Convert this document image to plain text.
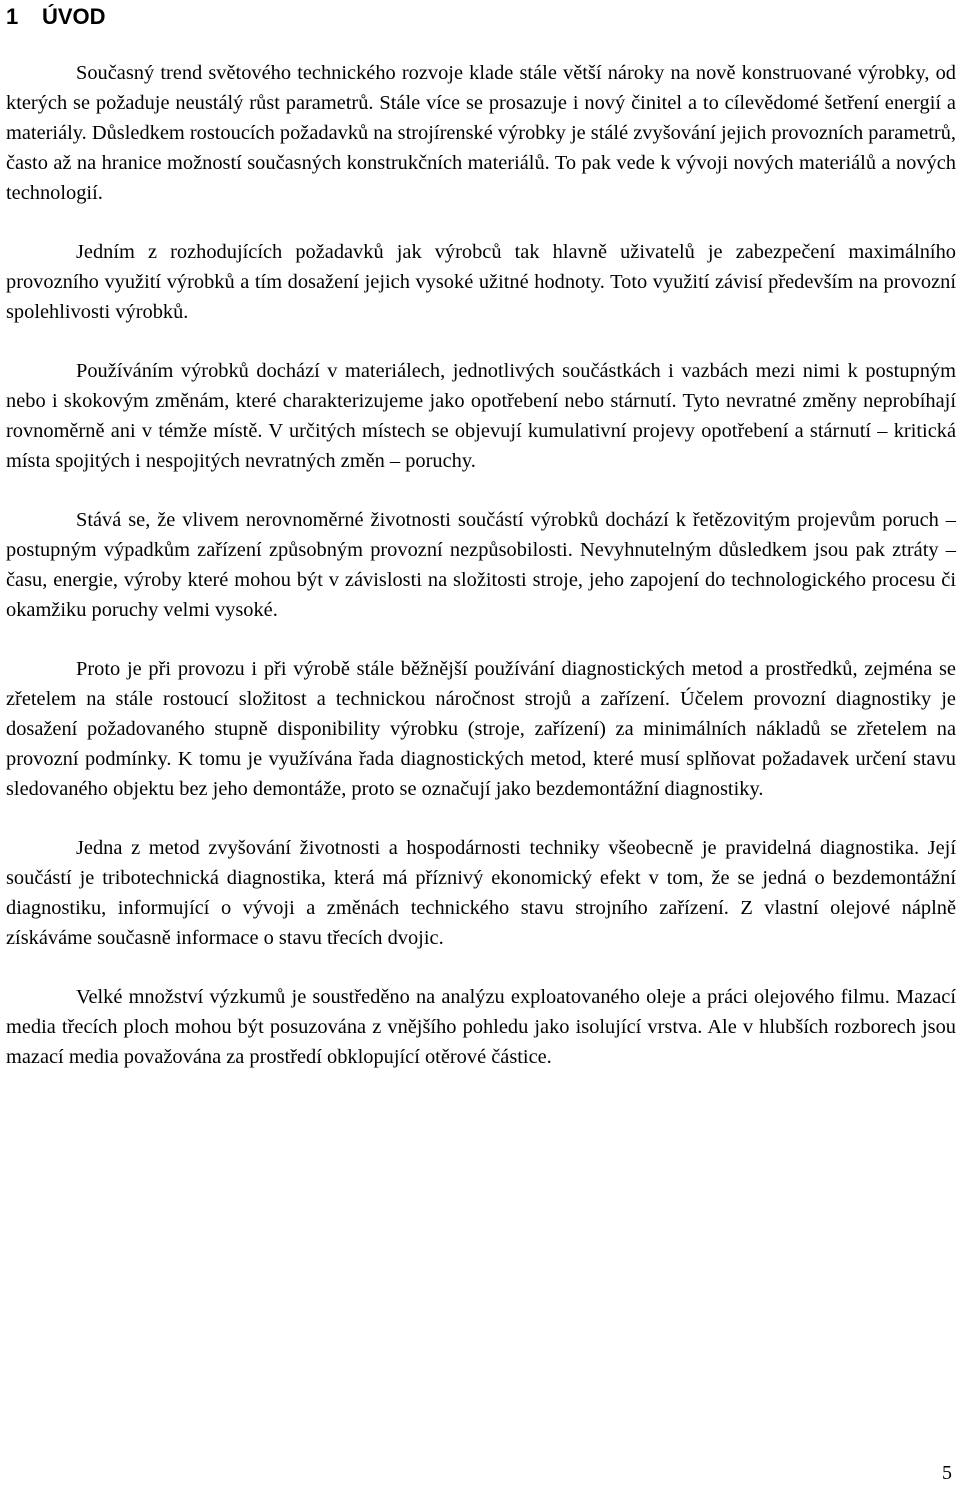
1 ÚVOD

Současný trend světového technického rozvoje klade stále větší nároky na nově konstruované výrobky, od kterých se požaduje neustálý růst parametrů. Stále více se prosazuje i nový činitel a to cílevědomé šetření energií a materiály. Důsledkem rostoucích požadavků na strojírenské výrobky je stálé zvyšování jejich provozních parametrů, často až na hranice možností současných konstrukčních materiálů. To pak vede k vývoji nových materiálů a nových technologií.

Jedním z rozhodujících požadavků jak výrobců tak hlavně uživatelů je zabezpečení maximálního provozního využití výrobků a tím dosažení jejich vysoké užitné hodnoty. Toto využití závisí především na provozní spolehlivosti výrobků.

Používáním výrobků dochází v materiálech, jednotlivých součástkách i vazbách mezi nimi k postupným nebo i skokovým změnám, které charakterizujeme jako opotřebení nebo stárnutí. Tyto nevratné změny neprobíhají rovnoměrně ani v témže místě. V určitých místech se objevují kumulativní projevy opotřebení a stárnutí – kritická místa spojitých i nespojitých nevratných změn – poruchy.

Stává se, že vlivem nerovnoměrné životnosti součástí výrobků dochází k řetězovitým projevům poruch – postupným výpadkům zařízení způsobným provozní nezpůsobilosti. Nevyhnutelným důsledkem jsou pak ztráty – času, energie, výroby které mohou být v závislosti na složitosti stroje, jeho zapojení do technologického procesu či okamžiku poruchy velmi vysoké.

Proto je při provozu i při výrobě stále běžnější používání diagnostických metod a prostředků, zejména se zřetelem na stále rostoucí složitost a technickou náročnost strojů a zařízení. Účelem provozní diagnostiky je dosažení požadovaného stupně disponibility výrobku (stroje, zařízení) za minimálních nákladů se zřetelem na provozní podmínky. K tomu je využívána řada diagnostických metod, které musí splňovat požadavek určení stavu sledovaného objektu bez jeho demontáže, proto se označují jako bezdemontážní diagnostiky.

Jedna z metod zvyšování životnosti a hospodárnosti techniky všeobecně je pravidelná diagnostika. Její součástí je tribotechnická diagnostika, která má příznivý ekonomický efekt v tom, že se jedná o bezdemontážní diagnostiku, informující o vývoji a změnách technického stavu strojního zařízení. Z vlastní olejové náplně získáváme současně informace o stavu třecích dvojic.

Velké množství výzkumů je soustředěno na analýzu exploatovaného oleje a práci olejového filmu. Mazací media třecích ploch mohou být posuzována z vnějšího pohledu jako isolující vrstva. Ale v hlubších rozborech jsou mazací media považována za prostředí obklopující otěrové částice.

5
